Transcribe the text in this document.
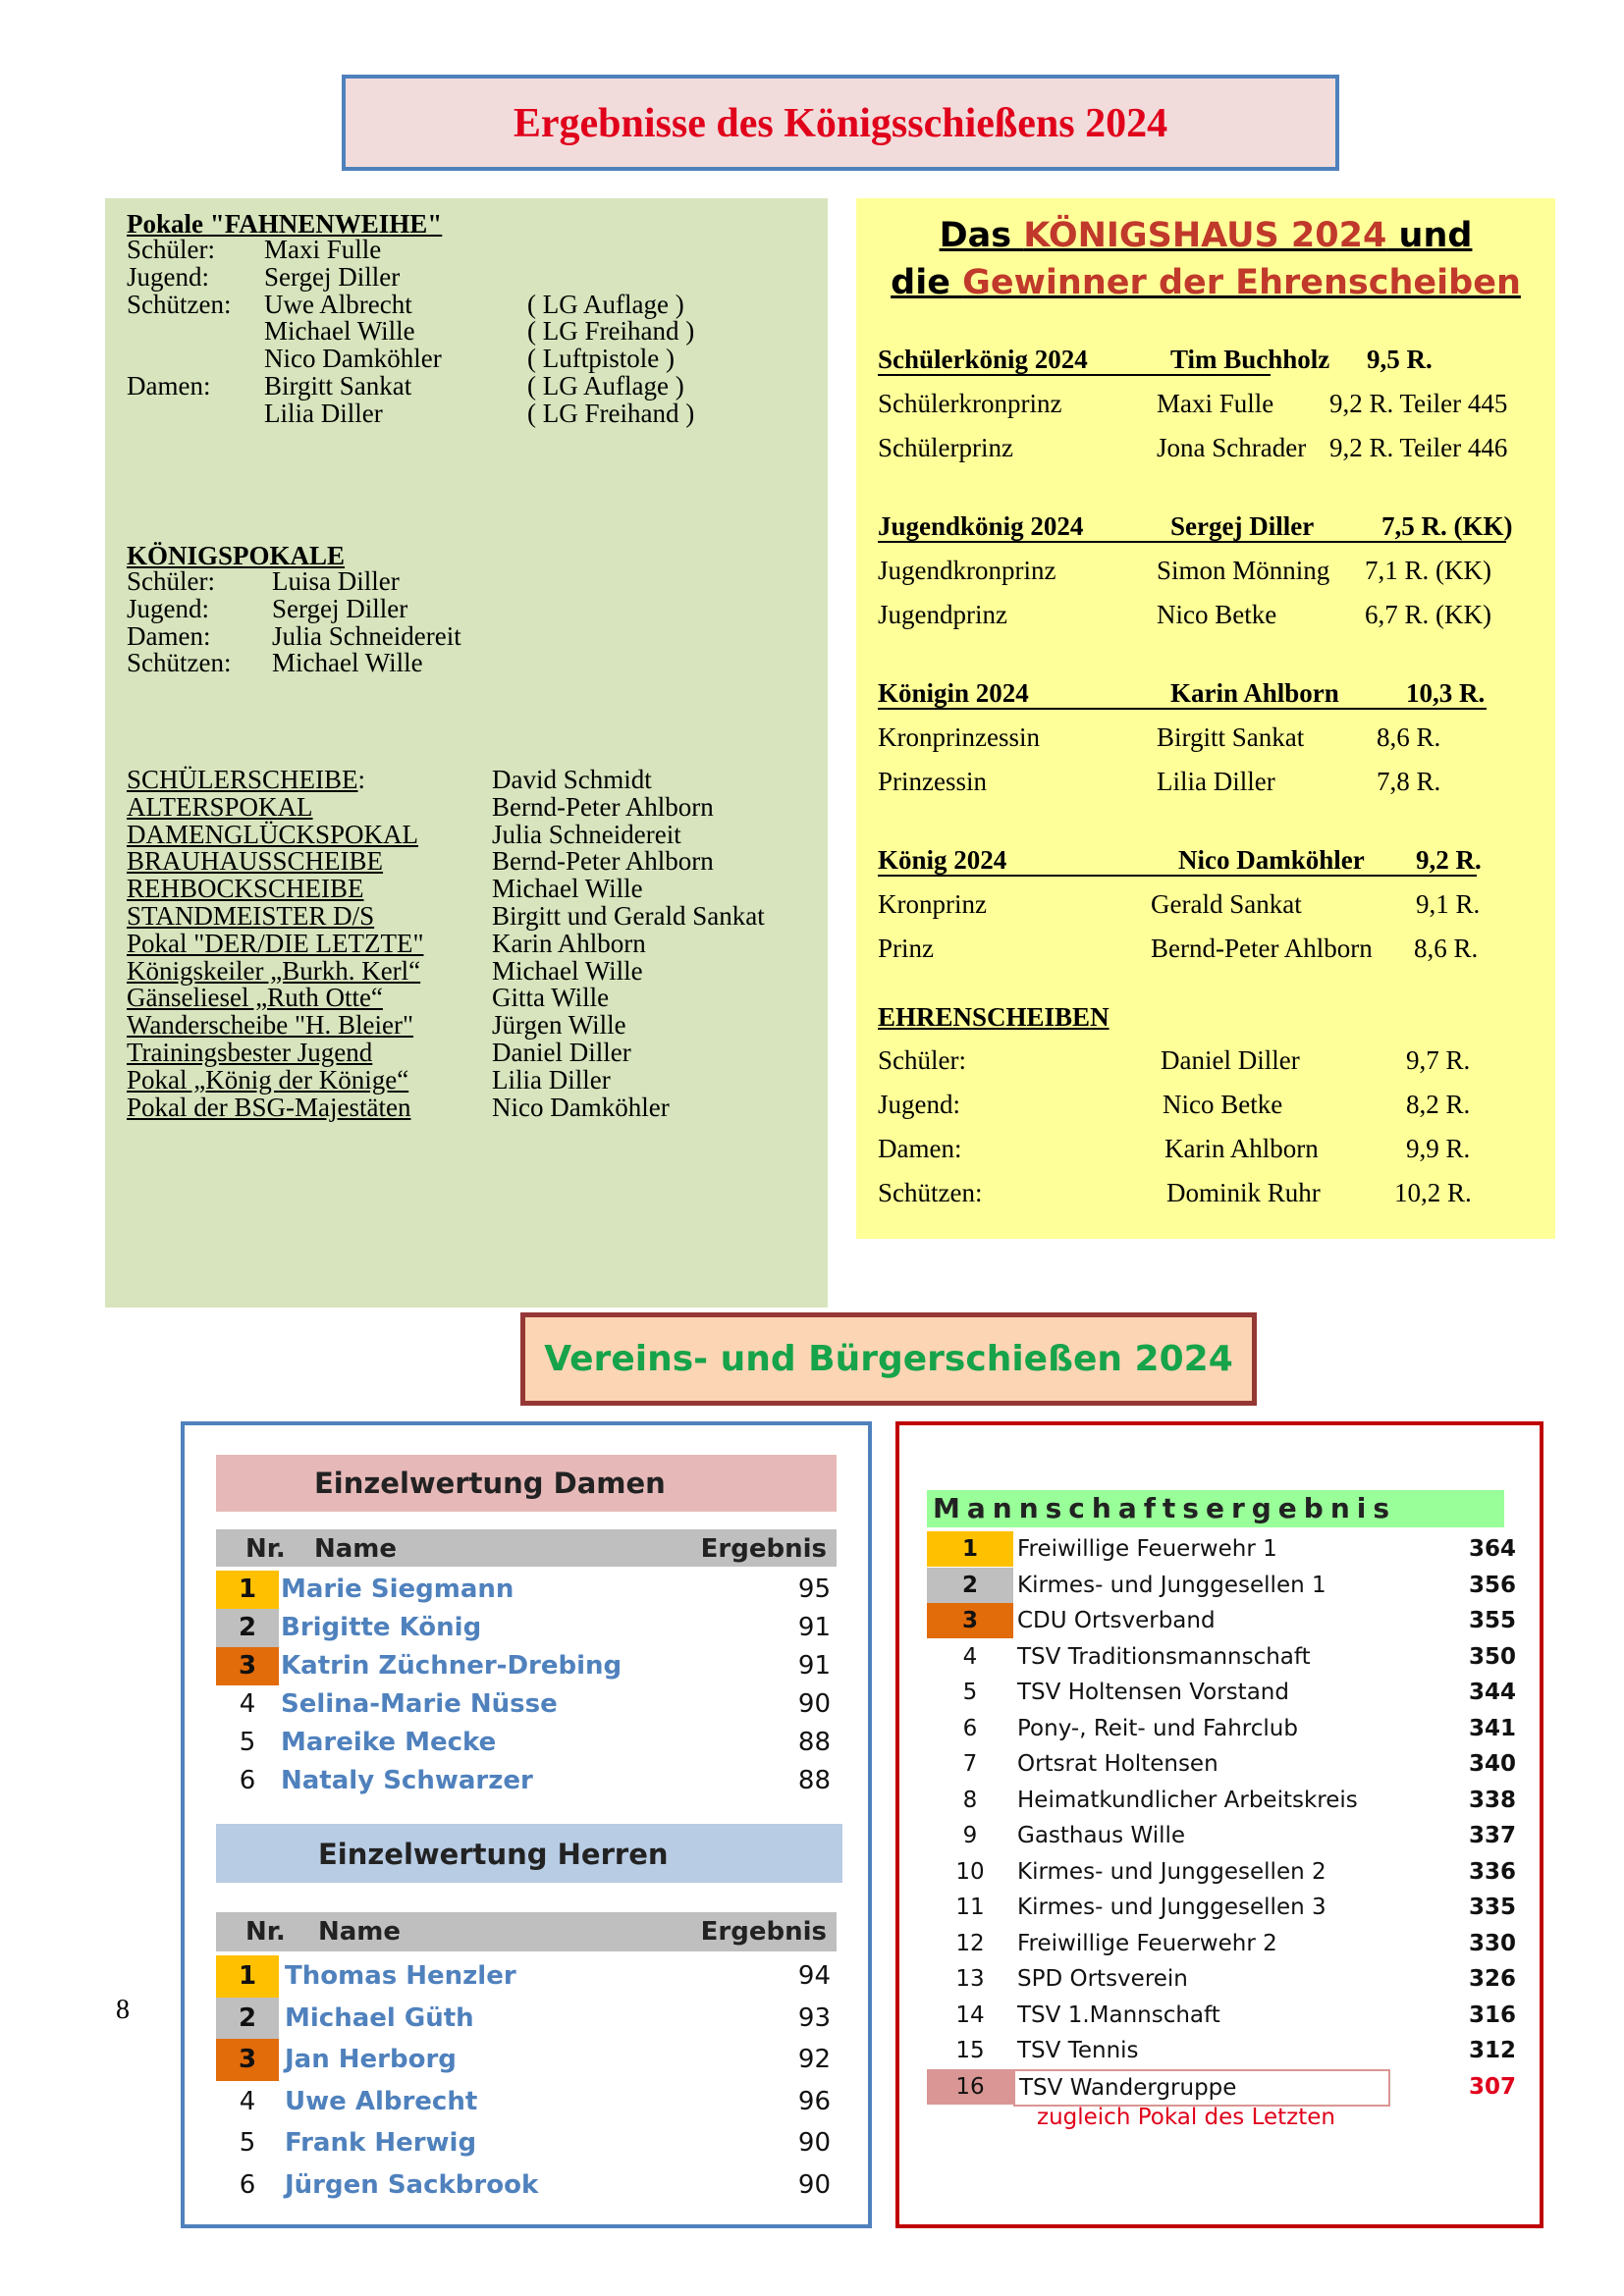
Ergebnisse des Königsschießens 2024
Pokale "FAHNENWEIHE"
Schüler: Maxi Fulle
Jugend: Sergej Diller
Schützen: Uwe Albrecht	( LG Auflage )
Michael Wille	( LG Freihand )
Nico Damköhler	( Luftpistole )
Damen: Birgitt Sankat	( LG Auflage )
Lilia Diller	( LG Freihand )
KÖNIGSPOKALE
Schüler: Luisa Diller
Jugend: Sergej Diller
Damen: Julia Schneidereit
Schützen: Michael Wille
SCHÜLERSCHEIBE:	David Schmidt
ALTERSPOKAL	Bernd-Peter Ahlborn
DAMENGLÜCKSPOKAL	Julia Schneidereit
BRAUHAUSSCHEIBE	Bernd-Peter Ahlborn
REHBOCKSCHEIBE	Michael Wille
STANDMEISTER D/S	Birgitt und Gerald Sankat
Pokal "DER/DIE LETZTE"	Karin Ahlborn
Königskeiler „Burkh. Kerl“	Michael Wille
Gänseliesel „Ruth Otte“	Gitta Wille
Wanderscheibe "H. Bleier"	Jürgen Wille
Trainingsbester Jugend	Daniel Diller
Pokal „König der Könige“	Lilia Diller
Pokal der BSG-Majestäten	Nico Damköhler
Das KÖNIGSHAUS 2024 und
die Gewinner der Ehrenscheiben
Schülerkönig 2024	Tim Buchholz 9,5 R.
Schülerkronprinz	Maxi Fulle 9,2 R. Teiler 445
Schülerprinz	Jona Schrader 9,2 R. Teiler 446
Jugendkönig 2024	Sergej Diller	7,5 R. (KK)
Jugendkronprinz	Simon Mönning 7,1 R. (KK)
Jugendprinz	Nico Betke	6,7 R. (KK)
Königin 2024	Karin Ahlborn	10,3 R.
Kronprinzessin	Birgitt Sankat	8,6 R.
Prinzessin	Lilia Diller	7,8 R.
König 2024	Nico Damköhler 9,2 R.
Kronprinz	Gerald Sankat	9,1 R.
Prinz	Bernd-Peter Ahlborn 8,6 R.
EHRENSCHEIBEN
Schüler:	Daniel Diller	9,7 R.
Jugend:	Nico Betke	8,2 R.
Damen:	Karin Ahlborn	9,9 R.
Schützen:	Dominik Ruhr	10,2 R.
Vereins- und Bürgerschießen 2024
Einzelwertung Damen
Nr. Name	Ergebnis
1 Marie Siegmann	95
2 Brigitte König	91
3 Katrin Züchner-Drebing	91
4 Selina-Marie Nüsse	90
5 Mareike Mecke	88
6 Nataly Schwarzer	88
Einzelwertung Herren
Nr. Name	Ergebnis
1	Thomas Henzler	94
2	Michael Güth	93
3	Jan Herborg	92
4	Uwe Albrecht	96
5	Frank Herwig	90
6	Jürgen Sackbrook	90
Mannschaftsergebnis
1	Freiwillige Feuerwehr 1	364
2	Kirmes- und Junggesellen 1	356
3	CDU Ortsverband	355
4	TSV Traditionsmannschaft	350
5	TSV Holtensen Vorstand	344
6	Pony-, Reit- und Fahrclub	341
7	Ortsrat Holtensen	340
8	Heimatkundlicher Arbeitskreis	338
9	Gasthaus Wille	337
10	Kirmes- und Junggesellen 2	336
11	Kirmes- und Junggesellen 3	335
12	Freiwillige Feuerwehr 2	330
13	SPD Ortsverein	326
14	TSV 1.Mannschaft	316
15	TSV Tennis	312
16	TSV Wandergruppe	307
zugleich Pokal des Letzten
8
